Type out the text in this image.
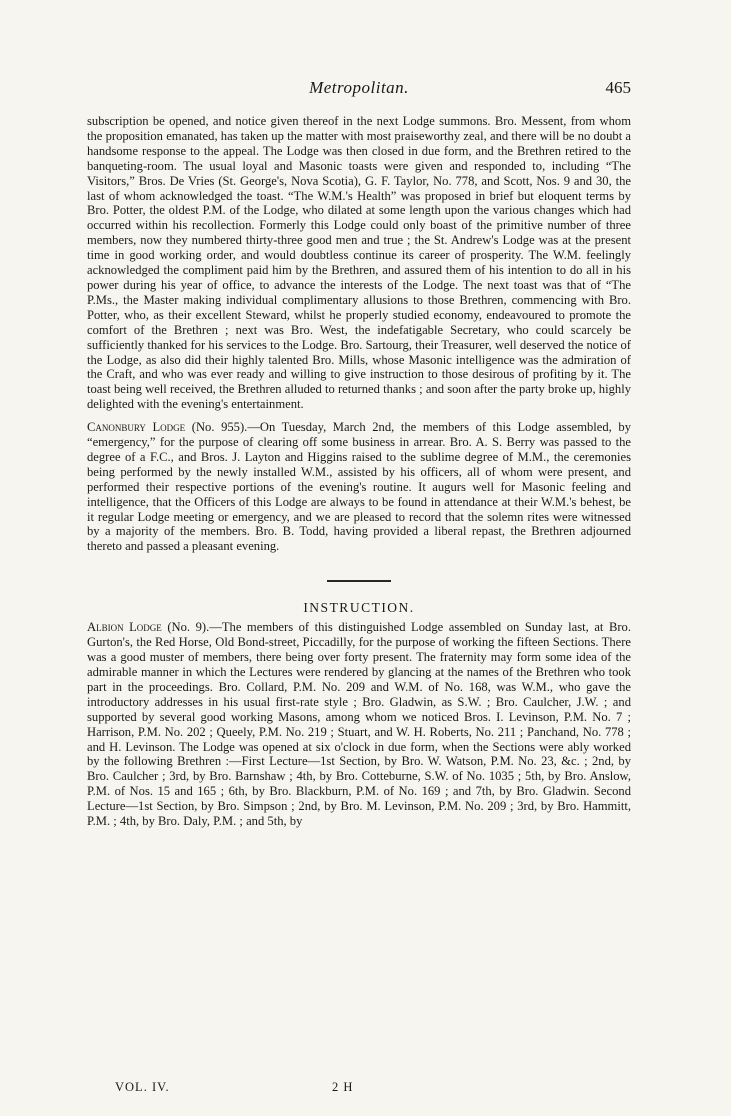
Metropolitan.	465

subscription be opened, and notice given thereof in the next Lodge summons. Bro. Messent, from whom the proposition emanated, has taken up the matter with most praiseworthy zeal, and there will be no doubt a handsome response to the appeal. The Lodge was then closed in due form, and the Brethren retired to the banqueting-room. The usual loyal and Masonic toasts were given and responded to, including “The Visitors,” Bros. De Vries (St. George's, Nova Scotia), G. F. Taylor, No. 778, and Scott, Nos. 9 and 30, the last of whom acknowledged the toast. “The W.M.'s Health” was proposed in brief but eloquent terms by Bro. Potter, the oldest P.M. of the Lodge, who dilated at some length upon the various changes which had occurred within his recollection. Formerly this Lodge could only boast of the primitive number of three members, now they numbered thirty-three good men and true ; the St. Andrew's Lodge was at the present time in good working order, and would doubtless continue its career of prosperity. The W.M. feelingly acknowledged the compliment paid him by the Brethren, and assured them of his intention to do all in his power during his year of office, to advance the interests of the Lodge. The next toast was that of “The P.Ms., the Master making individual complimentary allusions to those Brethren, commencing with Bro. Potter, who, as their excellent Steward, whilst he properly studied economy, endeavoured to promote the comfort of the Brethren ; next was Bro. West, the indefatigable Secretary, who could scarcely be sufficiently thanked for his services to the Lodge. Bro. Sartourg, their Treasurer, well deserved the notice of the Lodge, as also did their highly talented Bro. Mills, whose Masonic intelligence was the admiration of the Craft, and who was ever ready and willing to give instruction to those desirous of profiting by it. The toast being well received, the Brethren alluded to returned thanks ; and soon after the party broke up, highly delighted with the evening's entertainment.

Canonbury Lodge (No. 955).—On Tuesday, March 2nd, the members of this Lodge assembled, by “emergency,” for the purpose of clearing off some business in arrear. Bro. A. S. Berry was passed to the degree of a F.C., and Bros. J. Layton and Higgins raised to the sublime degree of M.M., the ceremonies being performed by the newly installed W.M., assisted by his officers, all of whom were present, and performed their respective portions of the evening's routine. It augurs well for Masonic feeling and intelligence, that the Officers of this Lodge are always to be found in attendance at their W.M.'s behest, be it regular Lodge meeting or emergency, and we are pleased to record that the solemn rites were witnessed by a majority of the members. Bro. B. Todd, having provided a liberal repast, the Brethren adjourned thereto and passed a pleasant evening.

INSTRUCTION.

Albion Lodge (No. 9).—The members of this distinguished Lodge assembled on Sunday last, at Bro. Gurton's, the Red Horse, Old Bond-street, Piccadilly, for the purpose of working the fifteen Sections. There was a good muster of members, there being over forty present. The fraternity may form some idea of the admirable manner in which the Lectures were rendered by glancing at the names of the Brethren who took part in the proceedings. Bro. Collard, P.M. No. 209 and W.M. of No. 168, was W.M., who gave the introductory addresses in his usual first-rate style ; Bro. Gladwin, as S.W. ; Bro. Caulcher, J.W. ; and supported by several good working Masons, among whom we noticed Bros. I. Levinson, P.M. No. 7 ; Harrison, P.M. No. 202 ; Queely, P.M. No. 219 ; Stuart, and W. H. Roberts, No. 211 ; Panchand, No. 778 ; and H. Levinson. The Lodge was opened at six o'clock in due form, when the Sections were ably worked by the following Brethren :—First Lecture—1st Section, by Bro. W. Watson, P.M. No. 23, &c. ; 2nd, by Bro. Caulcher ; 3rd, by Bro. Barnshaw ; 4th, by Bro. Cotteburne, S.W. of No. 1035 ; 5th, by Bro. Anslow, P.M. of Nos. 15 and 165 ; 6th, by Bro. Blackburn, P.M. of No. 169 ; and 7th, by Bro. Gladwin. Second Lecture—1st Section, by Bro. Simpson ; 2nd, by Bro. M. Levinson, P.M. No. 209 ; 3rd, by Bro. Hammitt, P.M. ; 4th, by Bro. Daly, P.M. ; and 5th, by

VOL. IV.	2 H
